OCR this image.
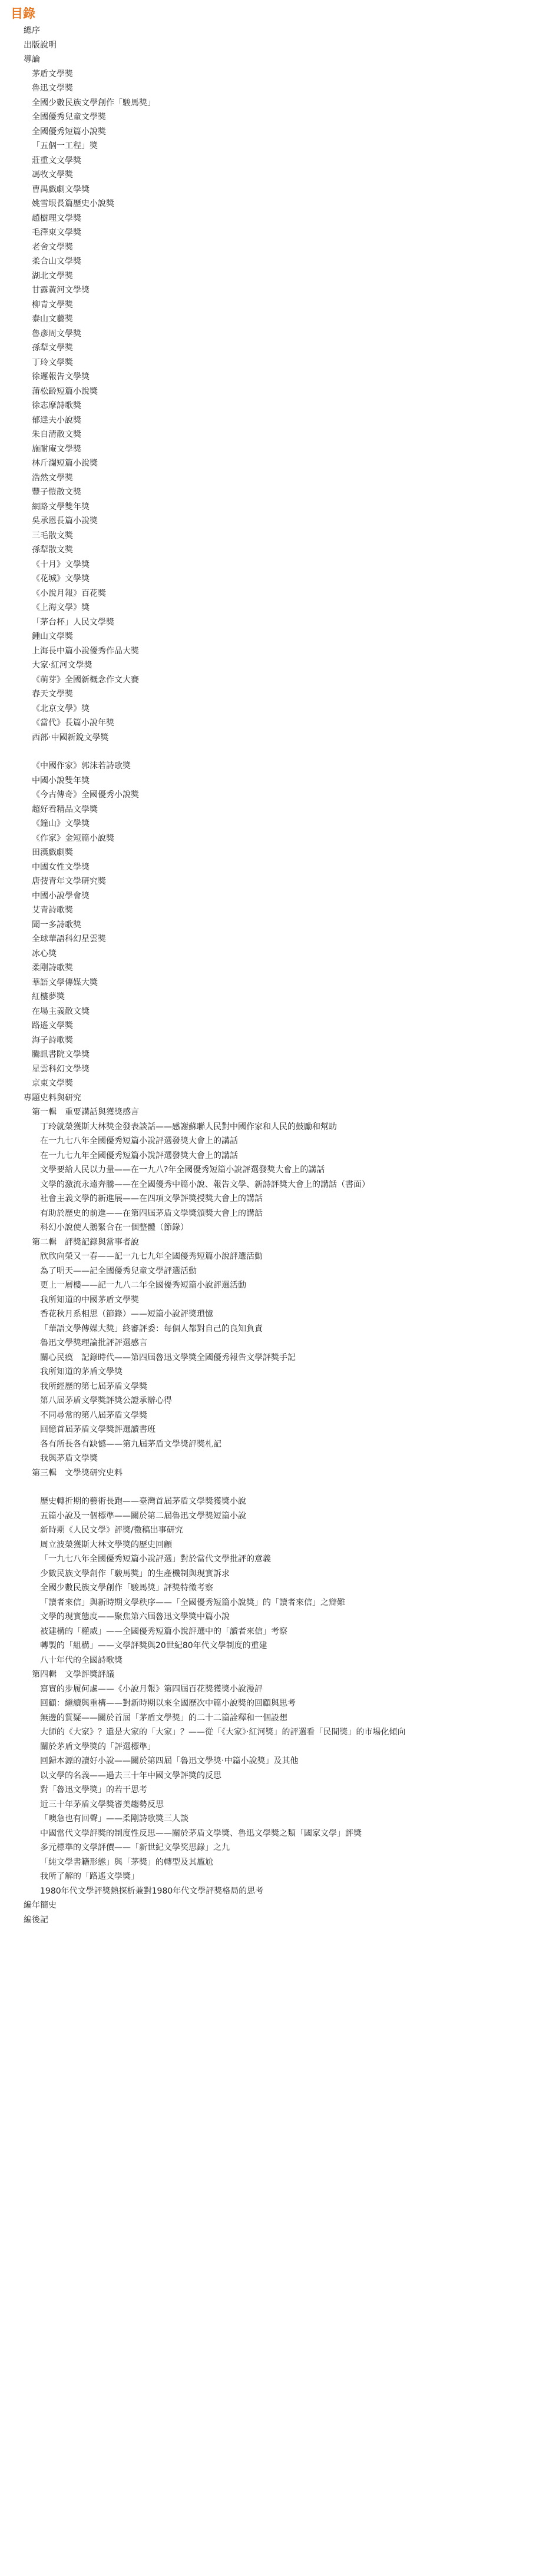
目錄
總序
出版說明
導論
茅盾文學獎
魯迅文學獎
全國少數民族文學創作「駿馬獎」
全國優秀兒童文學獎
全國優秀短篇小說獎
「五個一工程」獎
莊重文文學獎
馮牧文學獎
曹禺戲劇文學獎
姚雪垠長篇歷史小說獎
趙樹理文學獎
毛澤東文學獎
老舍文學獎
柔合山文學獎
湖北文學獎
甘露黃河文學獎
柳青文學獎
泰山文藝獎
魯彥周文學獎
孫犁文學獎
丁玲文學獎
徐遲報告文學獎
蒲松齡短篇小說獎
徐志摩詩歌獎
郁達夫小說獎
朱自清散文獎
施耐庵文學獎
林斤瀾短篇小說獎
浩然文學獎
豐子愷散文獎
網路文學雙年獎
吳承恩長篇小說獎
三毛散文獎
孫犁散文獎
《十月》文學獎
《花城》文學獎
《小說月報》百花獎
《上海文學》獎
「茅台杯」人民文學獎
鍾山文學獎
上海長中篇小說優秀作品大獎
大家‧紅河文學獎
《萌芽》全國新概念作文大賽
春天文學獎
《北京文學》獎
《當代》長篇小說年獎
西部‧中國新銳文學獎
《中國作家》郭沫若詩歌獎
中國小說雙年獎
《今古傳奇》全國優秀小說獎
超好看精品文學獎
《鐘山》文學獎
《作家》金短篇小說獎
田漢戲劇獎
中國女性文學獎
唐弢青年文學研究獎
中國小說學會獎
艾青詩歌獎
聞一多詩歌獎
全球華語科幻星雲獎
冰心獎
柔剛詩歌獎
華語文學傳媒大獎
紅樓夢獎
在場主義散文獎
路遙文學獎
海子詩歌獎
騰訊書院文學獎
星雲科幻文學獎
京東文學獎
專題史料與研究
第一輯　重要講話與獲獎感言
丁玲就榮獲斯大林獎金發表談話——感謝蘇聯人民對中國作家和人民的鼓勵和幫助
在一九七八年全國優秀短篇小說評選發獎大會上的講話
在一九七九年全國優秀短篇小說評選發獎大會上的講話
文學要給人民以力量——在一九八?年全國優秀短篇小說評選發獎大會上的講話
文學的激流永遠奔騰——在全國優秀中篇小說、報告文學、新詩評獎大會上的講話（書面）
社會主義文學的新進展——在四項文學評獎授獎大會上的講話
有助於歷史的前進——在第四屆茅盾文學獎頒獎大會上的講話
科幻小說使人鵝緊合在一個整體（節錄）
第二輯　評獎記錄與當事者說
欣欣向榮又一春——記一九七九年全國優秀短篇小說評選活動
為了明天——記全國優秀兒童文學評選活動
更上一層樓——記一九八二年全國優秀短篇小說評選活動
我所知道的中國茅盾文學獎
香花秋月系相思（節錄）——短篇小說評獎瑣憶
「華語文學傳媒大獎」終審評委：每個人都對自己的良知負責
魯迅文學獎理論批評評選感言
關心民瘼　記錄時代——第四屆魯迅文學獎全國優秀報告文學評獎手記
我所知道的茅盾文學獎
我所經歷的第七屆茅盾文學獎
第八屆茅盾文學獎評獎公證承辦心得
不同尋常的第八屆茅盾文學獎
回憶首屆茅盾文學獎評選讀書班
各有所長各有缺憾——第九屆茅盾文學獎評獎札記
我與茅盾文學獎
第三輯　文學獎研究史料
歷史轉折期的藝術長跑——臺灣首屆茅盾文學獎獲獎小說
五篇小說及一個標準——關於第二屆魯迅文學獎短篇小說
新時期《人民文學》評獎/徵稿出事研究
周立波榮獲斯大林文學獎的歷史回顧
「一九七八年全國優秀短篇小說評選」對於當代文學批評的意義
少數民族文學創作「駿馬獎」的生產機制與現實訴求
全國少數民族文學創作「駿馬獎」評獎特徵考察
「讀者來信」與新時期文學秩序——「全國優秀短篇小說獎」的「讀者來信」之辯難
文學的現實態度——聚焦第六屆魯迅文學獎中篇小說
被建構的「權威」——全國優秀短篇小說評選中的「讀者來信」考察
轉製的「組構」——文學評獎與20世紀80年代文學制度的重建
八十年代的全國詩歌獎
第四輯　文學評獎評議
寫實的步履何處——《小說月報》第四屆百花獎獲獎小說漫評
回顧：繼續與重構——對新時期以來全國歷次中篇小說獎的回顧與思考
無邊的質疑——關於首屆「茅盾文學獎」的二十二篇詮釋和一個設想
大師的《大家》？還是大家的「大家」？——從「《大家》‧紅河獎」的評選看「民間獎」的市場化傾向
關於茅盾文學獎的「評選標準」
回歸本源的讀好小說——關於第四屆「魯迅文學獎‧中篇小說獎」及其他
以文學的名義——過去三十年中國文學評獎的反思
對「魯迅文學獎」的若干思考
近三十年茅盾文學獎審美趨勢反思
「噢急也有回聲」——柔剛詩歌獎三人談
中國當代文學評獎的制度性反思——關於茅盾文學獎、魯迅文學獎之類「國家文學」評獎
多元標準的文學評價——「新世紀文學奖思錄」之九
「純文學書籍形態」與「茅獎」的轉型及其尷尬
我所了解的「路遙文學獎」
1980年代文學評獎熱探析兼對1980年代文學評獎格局的思考
編年簡史
編後記
